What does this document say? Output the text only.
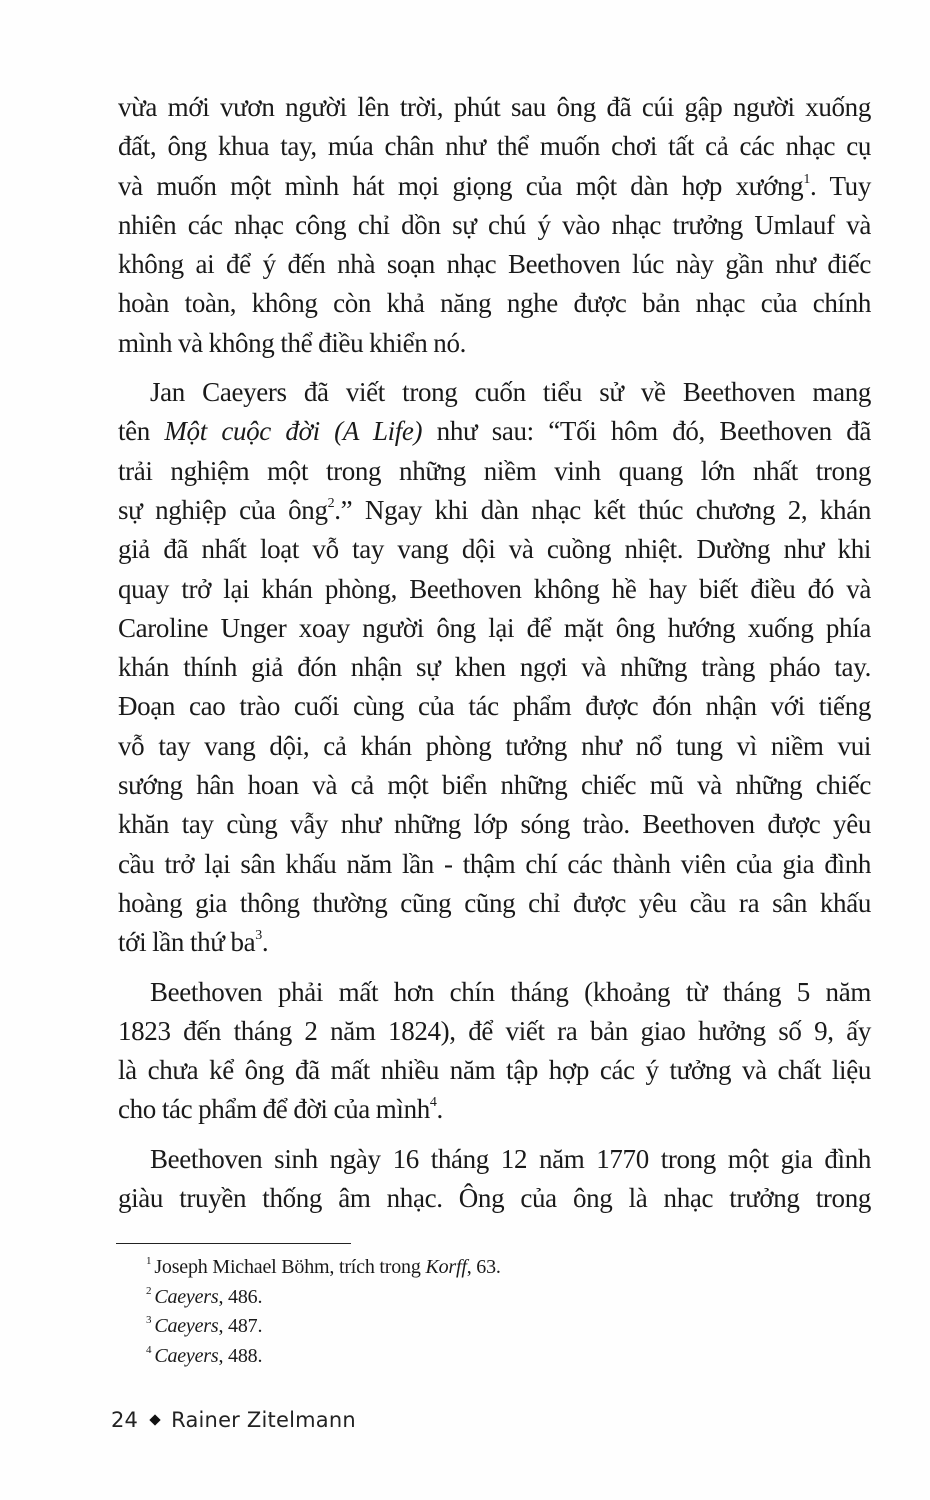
vừa mới vươn người lên trời, phút sau ông đã cúi gập người xuống
đất, ông khua tay, múa chân như thể muốn chơi tất cả các nhạc cụ
và muốn một mình hát mọi giọng của một dàn hợp xướng$^1$. Tuy
nhiên các nhạc công chỉ dồn sự chú ý vào nhạc trưởng Umlauf và
không ai để ý đến nhà soạn nhạc Beethoven lúc này gần như điếc
hoàn toàn, không còn khả năng nghe được bản nhạc của chính
mình và không thể điều khiển nó.
Jan Caeyers đã viết trong cuốn tiểu sử về Beethoven mang
tên Một cuộc đời (A Life) như sau: “Tối hôm đó, Beethoven đã
trải nghiệm một trong những niềm vinh quang lớn nhất trong
sự nghiệp của ông$^2$.” Ngay khi dàn nhạc kết thúc chương 2, khán
giả đã nhất loạt vỗ tay vang dội và cuồng nhiệt. Dường như khi
quay trở lại khán phòng, Beethoven không hề hay biết điều đó và
Caroline Unger xoay người ông lại để mặt ông hướng xuống phía
khán thính giả đón nhận sự khen ngợi và những tràng pháo tay.
Đoạn cao trào cuối cùng của tác phẩm được đón nhận với tiếng
vỗ tay vang dội, cả khán phòng tưởng như nổ tung vì niềm vui
sướng hân hoan và cả một biển những chiếc mũ và những chiếc
khăn tay cùng vẫy như những lớp sóng trào. Beethoven được yêu
cầu trở lại sân khấu năm lần - thậm chí các thành viên của gia đình
hoàng gia thông thường cũng cũng chỉ được yêu cầu ra sân khấu
tới lần thứ ba$^3$.
Beethoven phải mất hơn chín tháng (khoảng từ tháng 5 năm
1823 đến tháng 2 năm 1824), để viết ra bản giao hưởng số 9, ấy
là chưa kể ông đã mất nhiều năm tập hợp các ý tưởng và chất liệu
cho tác phẩm để đời của mình$^4$.
Beethoven sinh ngày 16 tháng 12 năm 1770 trong một gia đình
giàu truyền thống âm nhạc. Ông của ông là nhạc trưởng trong
$^1$ Joseph Michael Böhm, trích trong Korff, 63.
$^2$ Caeyers, 486.
$^3$ Caeyers, 487.
$^4$ Caeyers, 488.
24 Rainer Zitelmann
